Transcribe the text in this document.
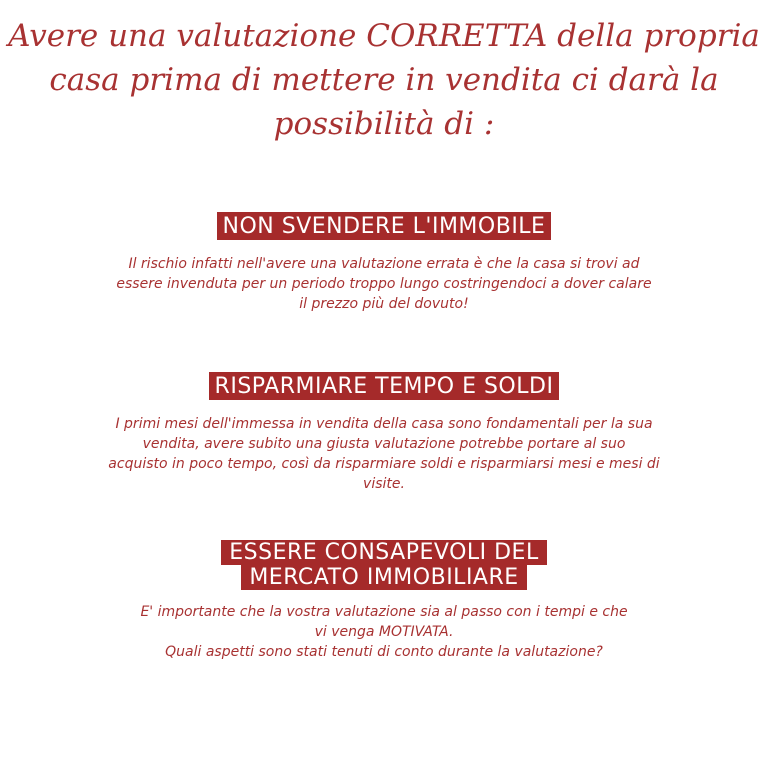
Avere una valutazione CORRETTA della propria
casa prima di mettere in vendita ci darà la
possibilità di :
NON SVENDERE L'IMMOBILE
Il rischio infatti nell'avere una valutazione errata è che la casa si trovi ad
essere invenduta per un periodo troppo lungo costringendoci a dover calare
il prezzo più del dovuto!
RISPARMIARE TEMPO E SOLDI
I primi mesi dell'immessa in vendita della casa sono fondamentali per la sua
vendita, avere subito una giusta valutazione potrebbe portare al suo
acquisto in poco tempo, così da risparmiare soldi e risparmiarsi mesi e mesi di
visite.
ESSERE CONSAPEVOLI DEL
MERCATO IMMOBILIARE
E' importante che la vostra valutazione sia al passo con i tempi e che
vi venga MOTIVATA.
Quali aspetti sono stati tenuti di conto durante la valutazione?
